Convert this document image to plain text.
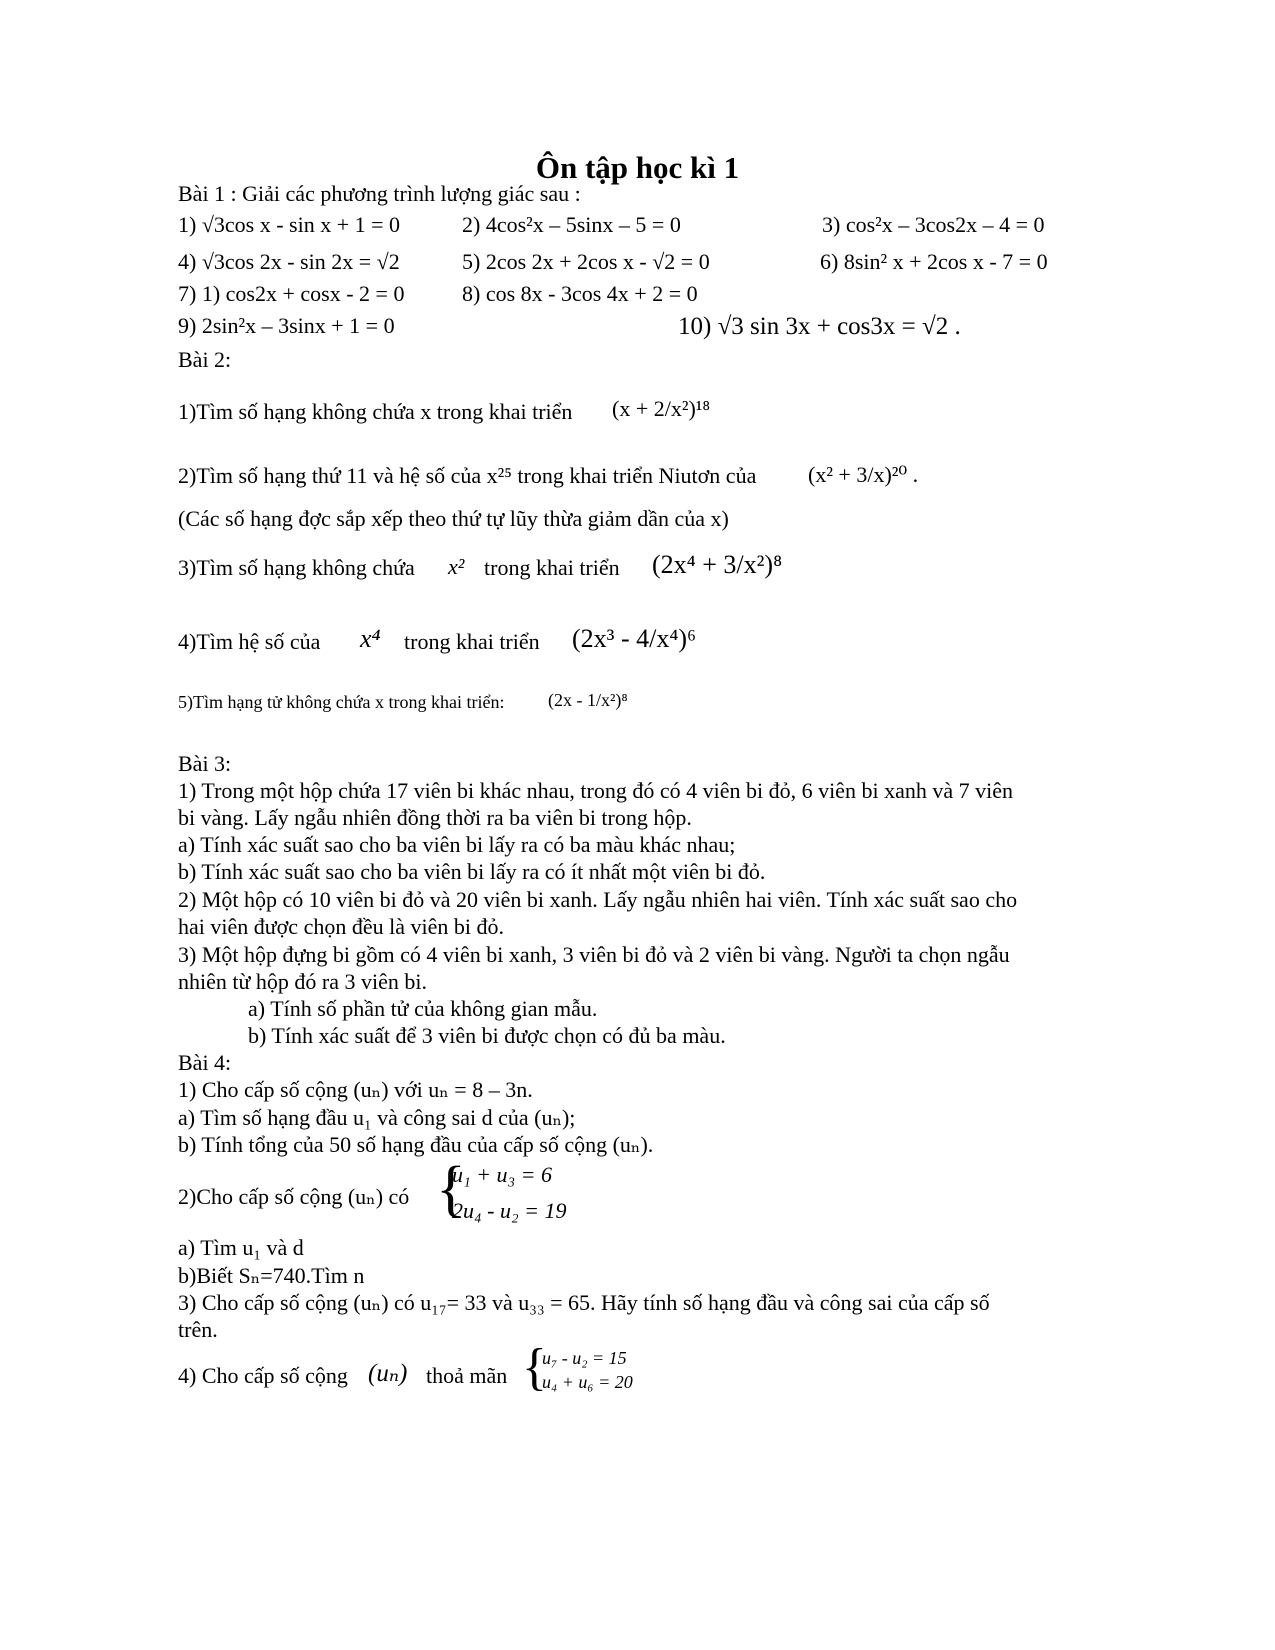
Ôn tập học kì 1
Bài 1 : Giải các phương trình lượng giác sau :
1) √3cos x - sin x + 1 = 0	2) 4cos²x – 5sinx – 5 = 0	3) cos²x – 3cos2x – 4 = 0
4) √3cos 2x - sin 2x = √2	5) 2cos 2x + 2cos x - √2 = 0	6) 8sin² x + 2cos x - 7 = 0
7) 1) cos2x + cosx - 2 = 0	8) cos 8x - 3cos 4x + 2 = 0
9) 2sin²x – 3sinx + 1 = 0	10) √3 sin 3x + cos3x = √2 .
Bài 2:
1)Tìm số hạng không chứa x trong khai triển (x + 2/x²)¹⁸
2)Tìm số hạng thứ 11 và hệ số của x²⁵ trong khai triển Niutơn của (x² + 3/x)²⁰ .
(Các số hạng đợc sắp xếp theo thứ tự lũy thừa giảm dần của x)
3)Tìm số hạng không chứa x² trong khai triển (2x⁴ + 3/x²)⁸
4)Tìm hệ số của x⁴ trong khai triển (2x³ - 4/x⁴)⁶
5)Tìm hạng tử không chứa x trong khai triển: (2x - 1/x²)⁸
Bài 3:
1) Trong một hộp chứa 17 viên bi khác nhau, trong đó có 4 viên bi đỏ, 6 viên bi xanh và 7 viên
bi vàng. Lấy ngẫu nhiên đồng thời ra ba viên bi trong hộp.
a) Tính xác suất sao cho ba viên bi lấy ra có ba màu khác nhau;
b) Tính xác suất sao cho ba viên bi lấy ra có ít nhất một viên bi đỏ.
2) Một hộp có 10 viên bi đỏ và 20 viên bi xanh. Lấy ngẫu nhiên hai viên. Tính xác suất sao cho
hai viên được chọn đều là viên bi đỏ.
3) Một hộp đựng bi gồm có 4 viên bi xanh, 3 viên bi đỏ và 2 viên bi vàng. Người ta chọn ngẫu
nhiên từ hộp đó ra 3 viên bi.
a) Tính số phần tử của không gian mẫu.
b) Tính xác suất để 3 viên bi được chọn có đủ ba màu.
Bài 4:
1) Cho cấp số cộng (uₙ) với uₙ = 8 – 3n.
a) Tìm số hạng đầu u₁ và công sai d của (uₙ);
b) Tính tổng của 50 số hạng đầu của cấp số cộng (uₙ).
2)Cho cấp số cộng (uₙ) có {
u₁ + u₃ = 6
2u₄ - u₂ = 19
a) Tìm u₁ và d
b)Biết Sₙ=740.Tìm n
3) Cho cấp số cộng (uₙ) có u₁₇= 33 và u₃₃ = 65. Hãy tính số hạng đầu và công sai của cấp số
trên.
4) Cho cấp số cộng (uₙ) thoả mãn {
u₇ - u₂ = 15
u₄ + u₆ = 20
